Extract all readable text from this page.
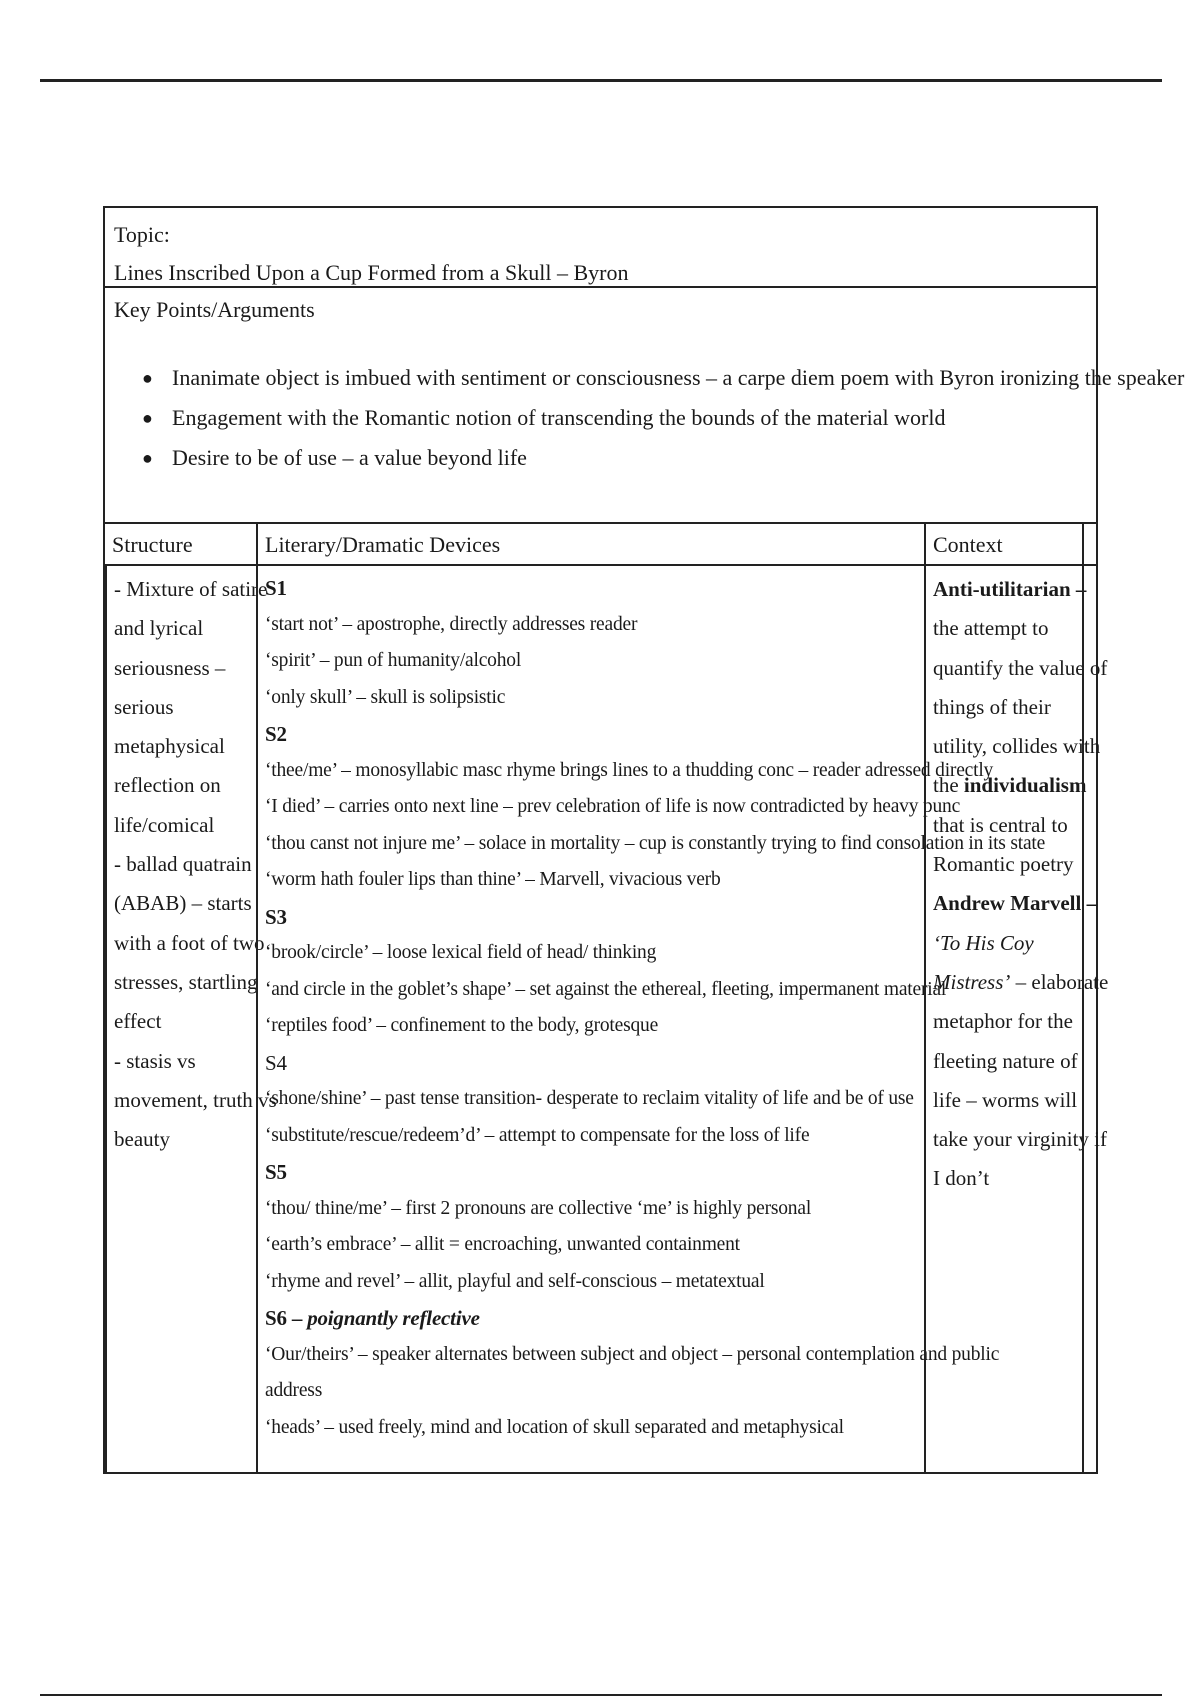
Topic:
Lines Inscribed Upon a Cup Formed from a Skull – Byron
Key Points/Arguments
● Inanimate object is imbued with sentiment or consciousness – a carpe diem poem with Byron ironizing the speaker
● Engagement with the Romantic notion of transcending the bounds of the material world
● Desire to be of use – a value beyond life
Structure	Literary/Dramatic Devices	Context
- Mixture of satire
and lyrical
seriousness –
serious
metaphysical
reflection on
life/comical
- ballad quatrain
(ABAB) – starts
with a foot of two
stresses, startling
effect
- stasis vs
movement, truth vs
beauty
S1
‘start not’ – apostrophe, directly addresses reader
‘spirit’ – pun of humanity/alcohol
‘only skull’ – skull is solipsistic
S2
‘thee/me’ – monosyllabic masc rhyme brings lines to a thudding conc – reader adressed directly
‘I died’ – carries onto next line – prev celebration of life is now contradicted by heavy punc
‘thou canst not injure me’ – solace in mortality – cup is constantly trying to find consolation in its state
‘worm hath fouler lips than thine’ – Marvell, vivacious verb
S3
‘brook/circle’ – loose lexical field of head/ thinking
‘and circle in the goblet’s shape’ – set against the ethereal, fleeting, impermanent material
‘reptiles food’ – confinement to the body, grotesque
S4
‘shone/shine’ – past tense transition- desperate to reclaim vitality of life and be of use
‘substitute/rescue/redeem’d’ – attempt to compensate for the loss of life
S5
‘thou/ thine/me’ – first 2 pronouns are collective ‘me’ is highly personal
‘earth’s embrace’ – allit = encroaching, unwanted containment
‘rhyme and revel’ – allit, playful and self-conscious – metatextual
S6 – poignantly reflective
‘Our/theirs’ – speaker alternates between subject and object – personal contemplation and public
address
‘heads’ – used freely, mind and location of skull separated and metaphysical
Anti-utilitarian –
the attempt to
quantify the value of
things of their
utility, collides with
the individualism
that is central to
Romantic poetry
Andrew Marvell –
‘To His Coy
Mistress’ – elaborate
metaphor for the
fleeting nature of
life – worms will
take your virginity if
I don’t
